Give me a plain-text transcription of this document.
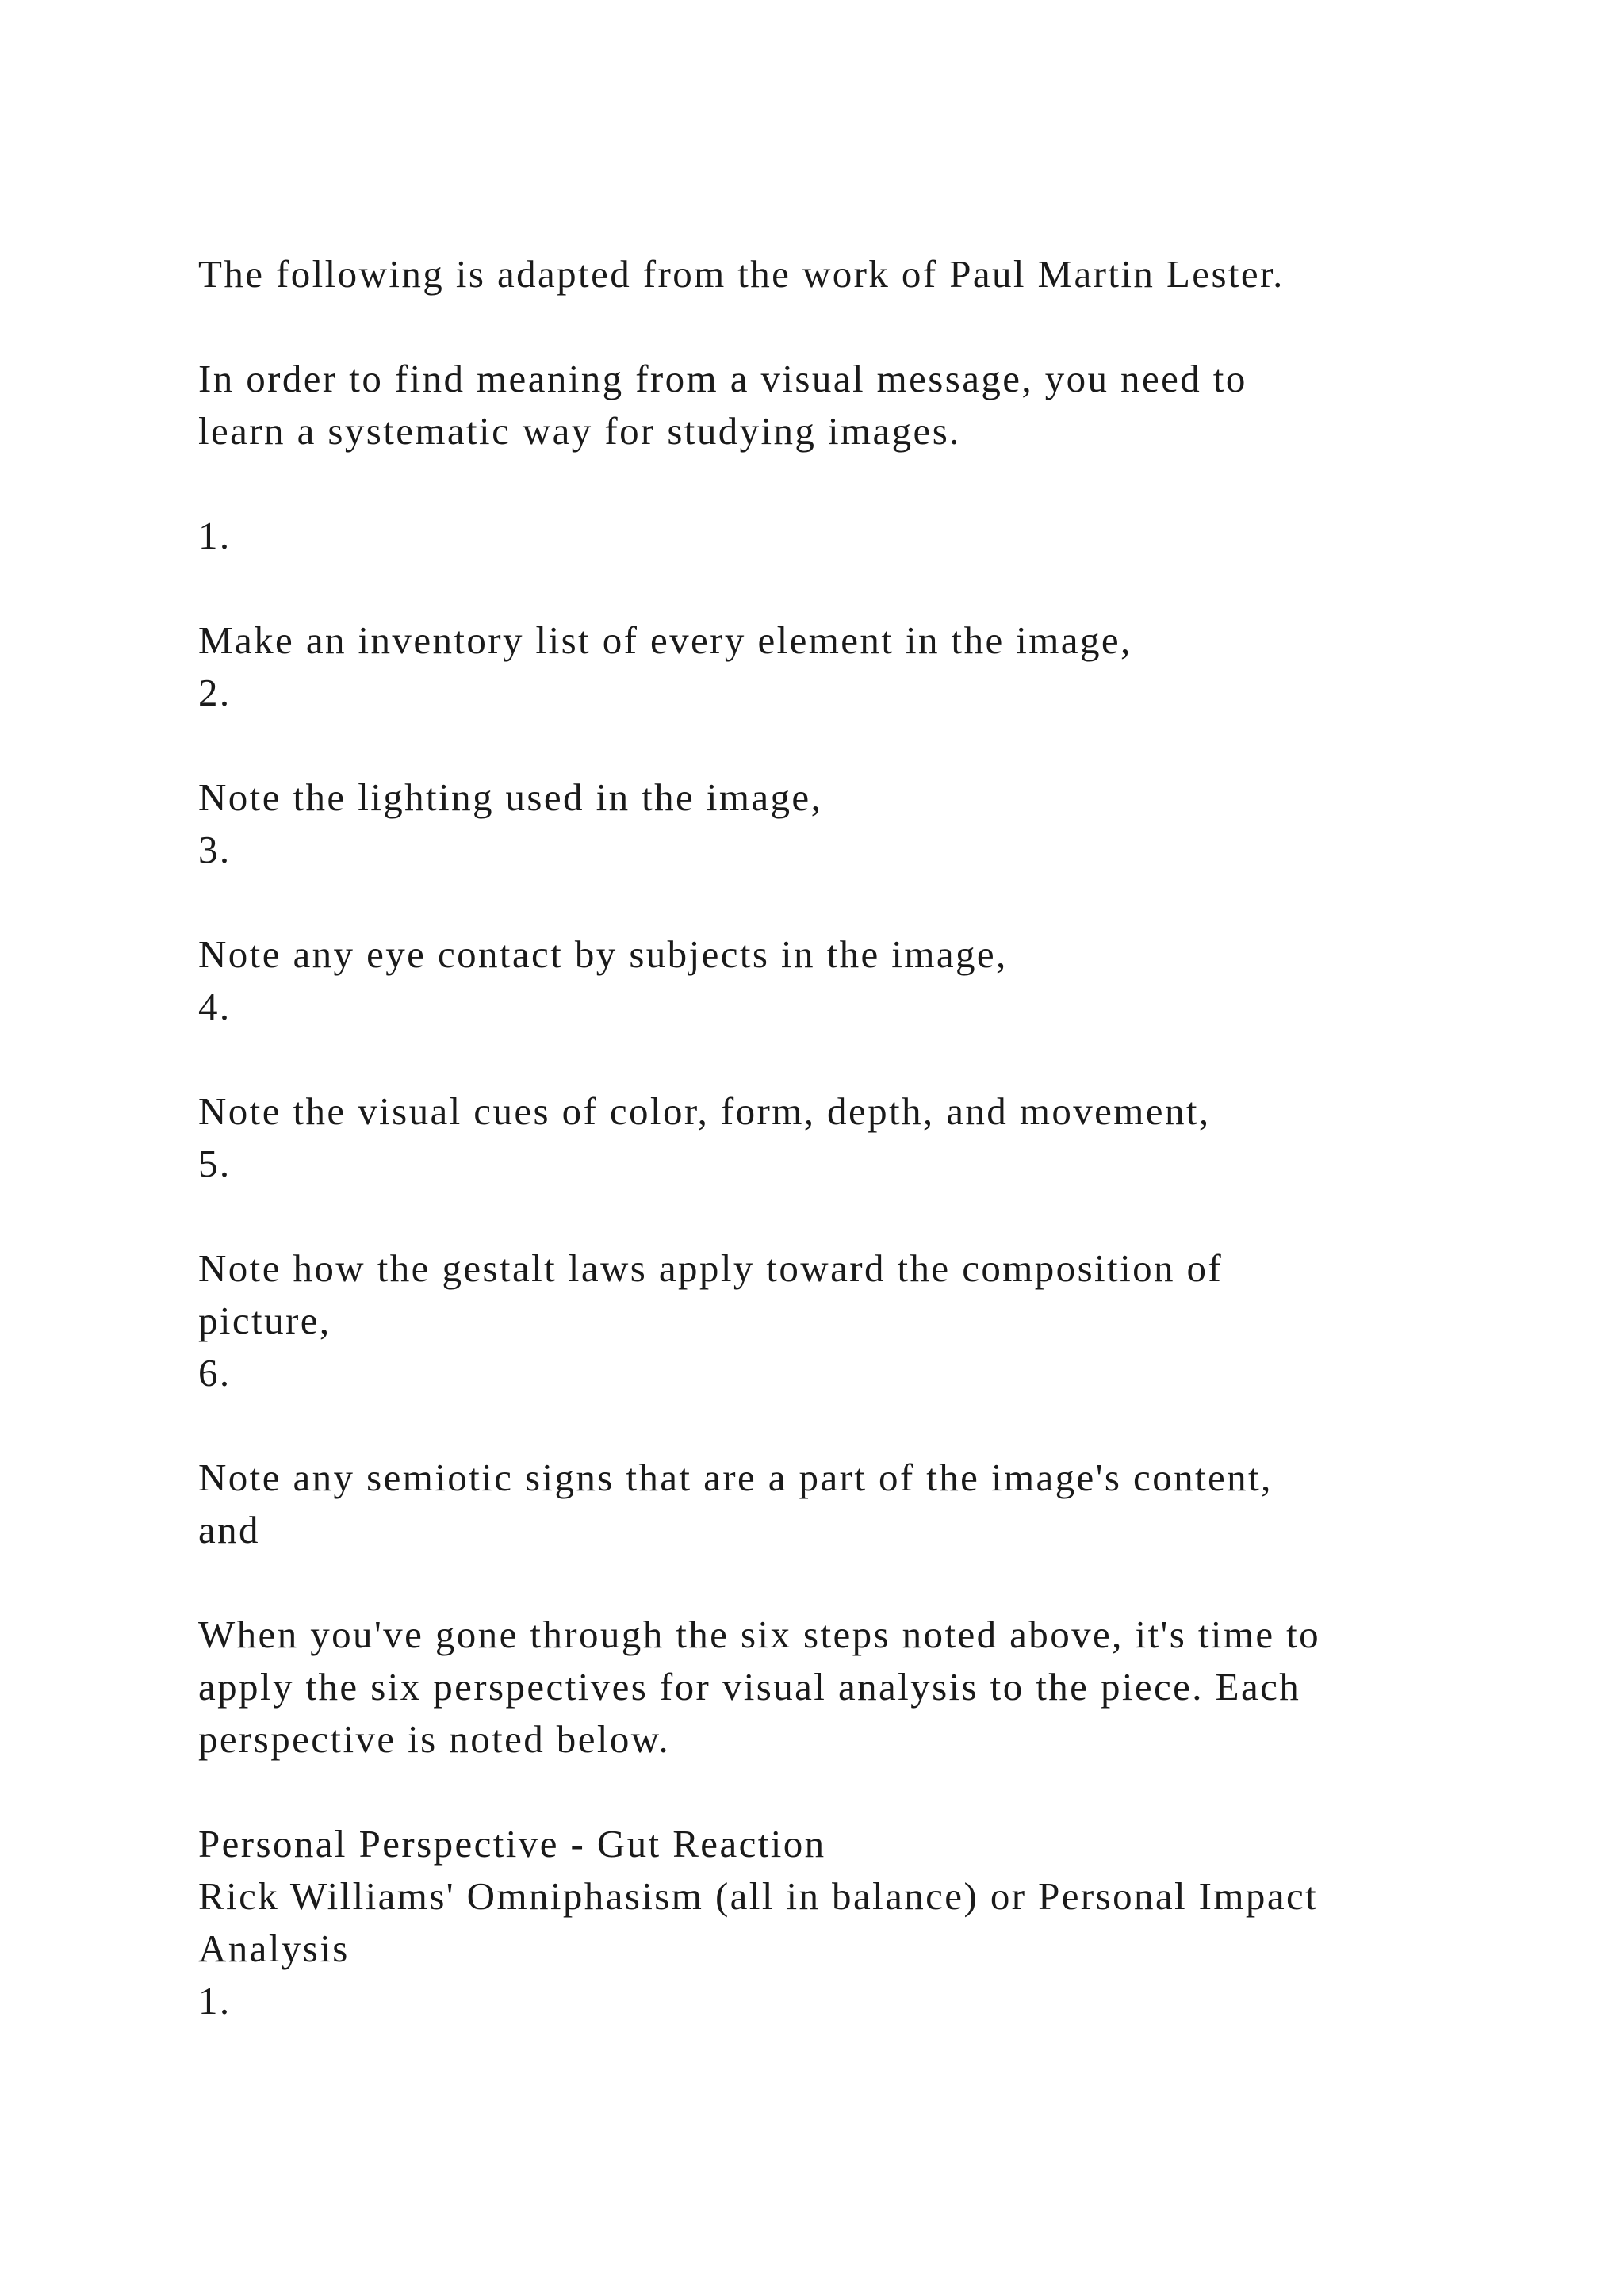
The following is adapted from the work of Paul Martin Lester.
In order to find meaning from a visual message, you need to
learn a systematic way for studying images.
1.
Make an inventory list of every element in the image,
2.
Note the lighting used in the image,
3.
Note any eye contact by subjects in the image,
4.
Note the visual cues of color, form, depth, and movement,
5.
Note how the gestalt laws apply toward the composition of
picture,
6.
Note any semiotic signs that are a part of the image's content,
and
When you've gone through the six steps noted above, it's time to
apply the six perspectives for visual analysis to the piece. Each
perspective is noted below.
Personal Perspective - Gut Reaction
Rick Williams' Omniphasism (all in balance) or Personal Impact
Analysis
1.
